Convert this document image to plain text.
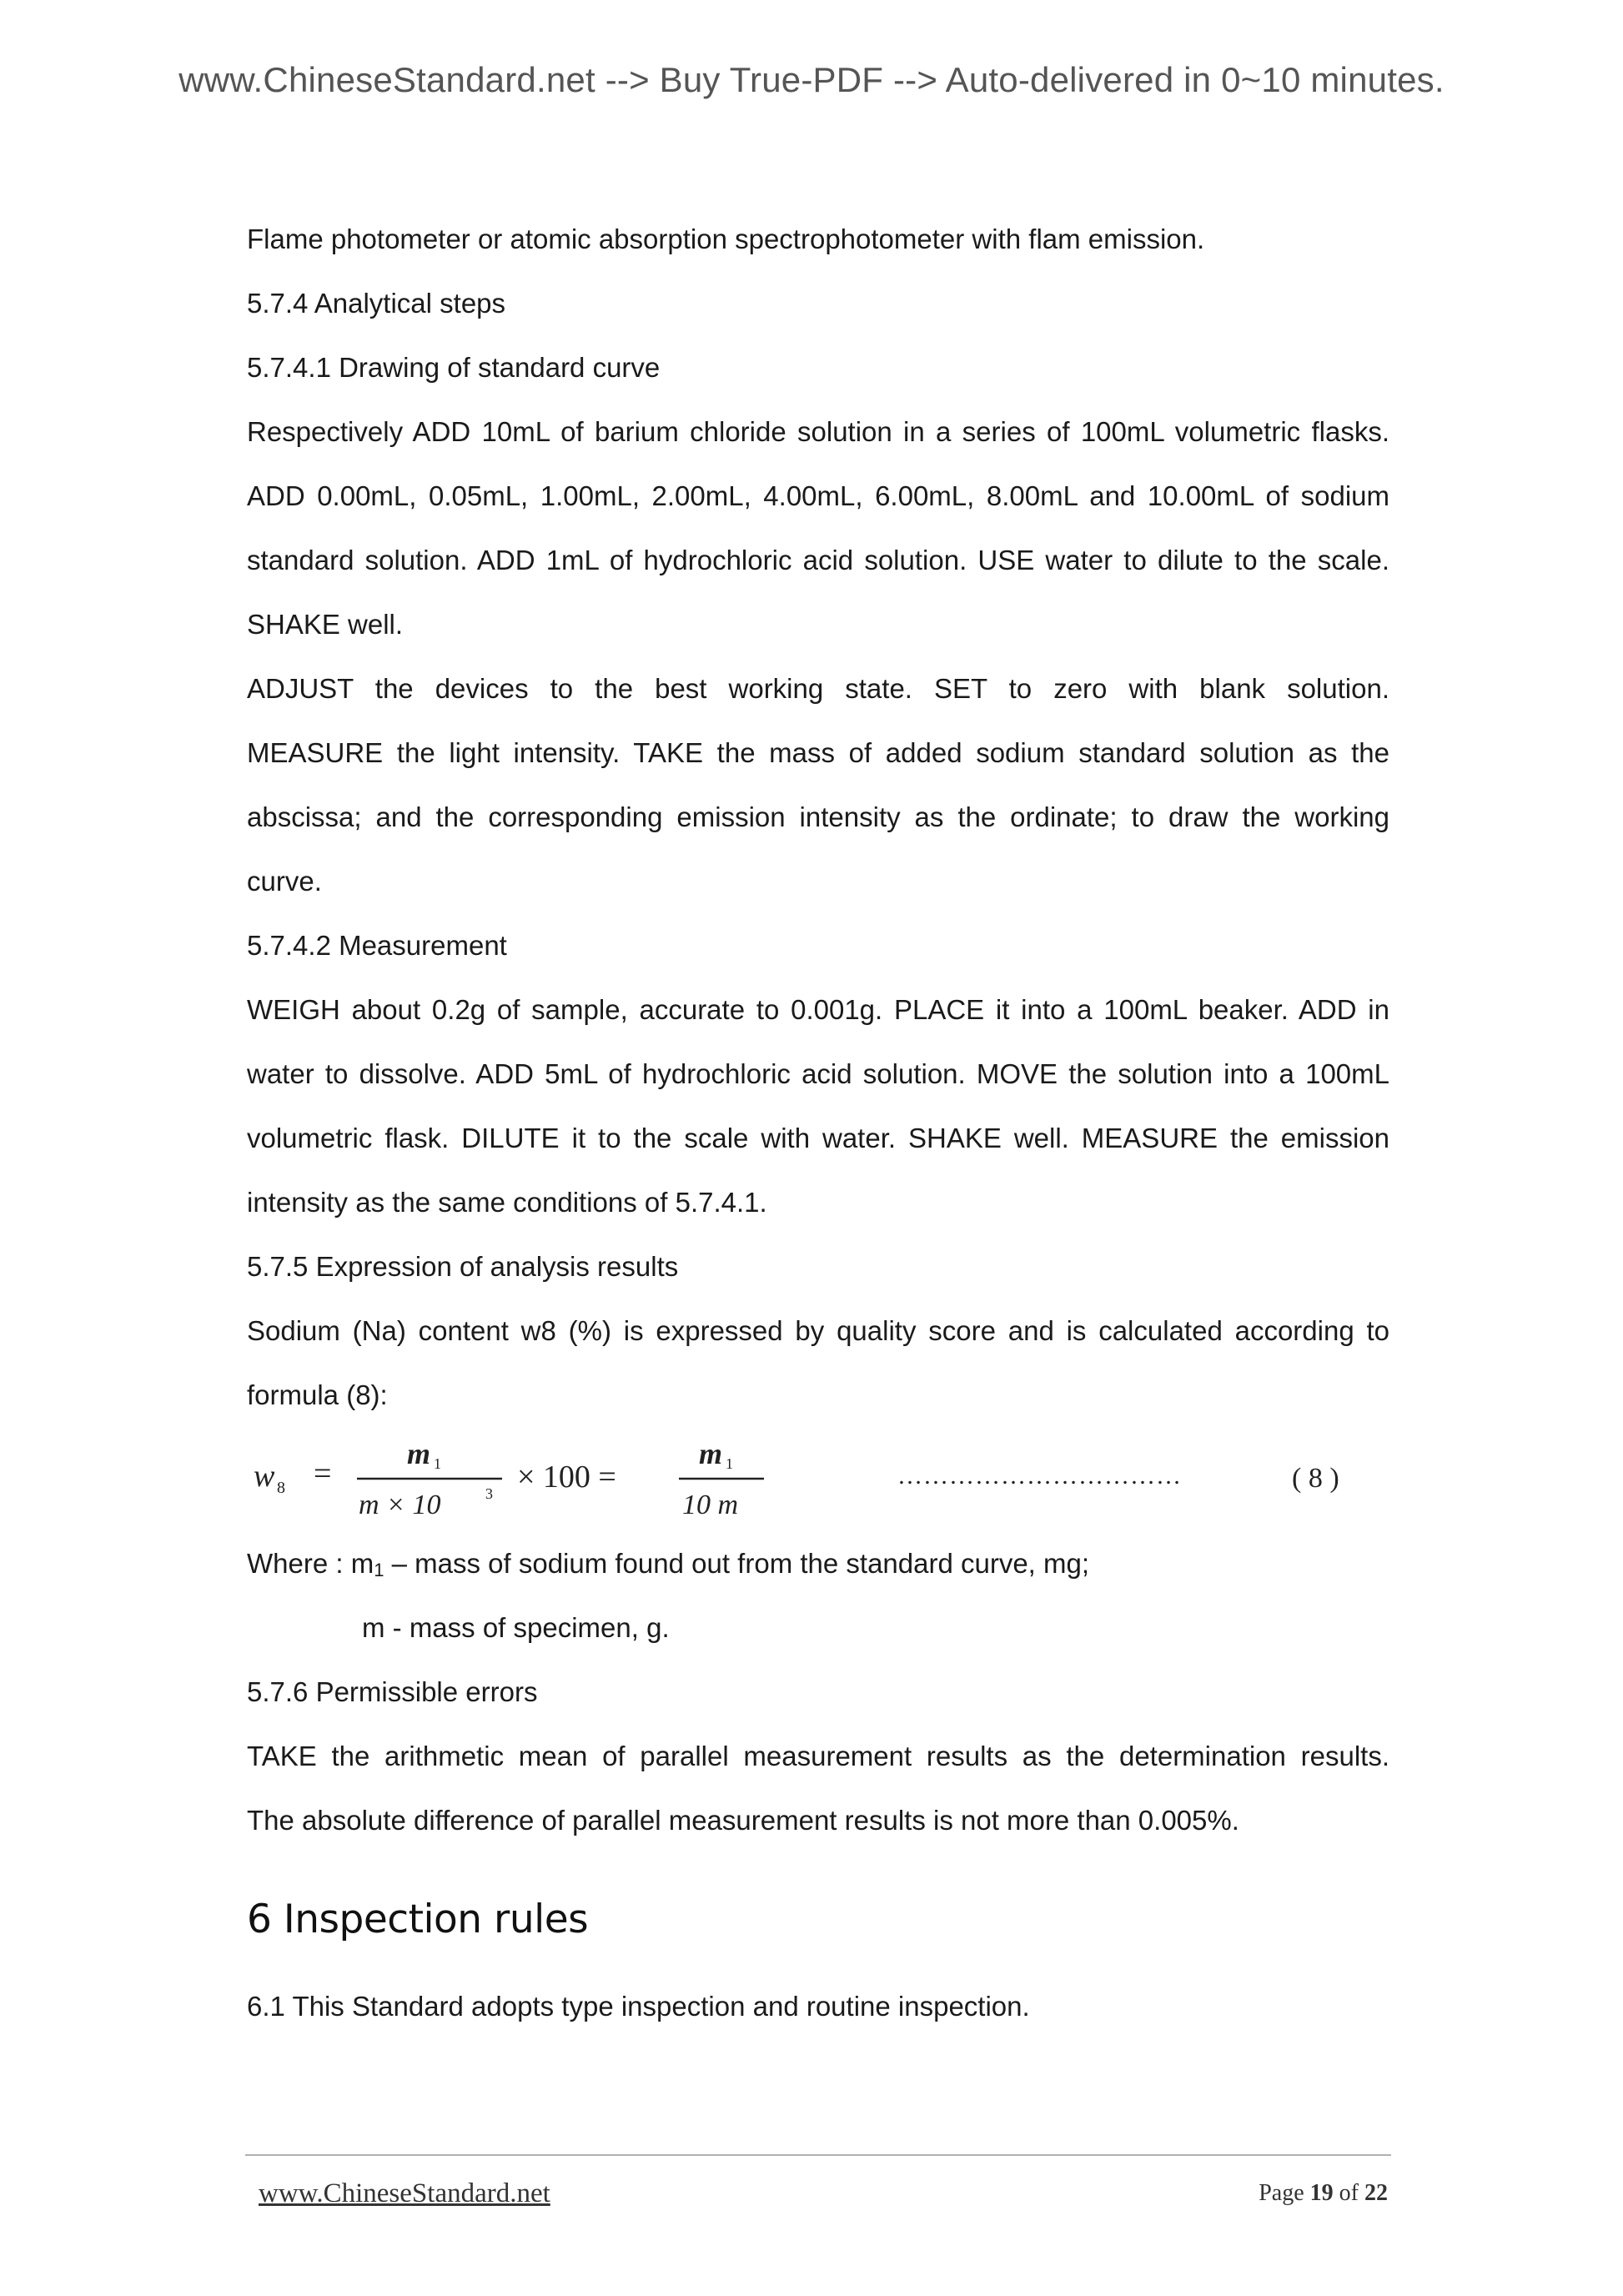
www.ChineseStandard.net --> Buy True-PDF --> Auto-delivered in 0~10 minutes.
Flame photometer or atomic absorption spectrophotometer with flam emission.
5.7.4 Analytical steps
5.7.4.1 Drawing of standard curve
Respectively ADD 10mL of barium chloride solution in a series of 100mL volumetric flasks.
ADD 0.00mL, 0.05mL, 1.00mL, 2.00mL, 4.00mL, 6.00mL, 8.00mL and 10.00mL of sodium
standard solution. ADD 1mL of hydrochloric acid solution. USE water to dilute to the scale.
SHAKE well.
ADJUST the devices to the best working state. SET to zero with blank solution.
MEASURE the light intensity. TAKE the mass of added sodium standard solution as the
abscissa; and the corresponding emission intensity as the ordinate; to draw the working
curve.
5.7.4.2 Measurement
WEIGH about 0.2g of sample, accurate to 0.001g. PLACE it into a 100mL beaker. ADD in
water to dissolve. ADD 5mL of hydrochloric acid solution. MOVE the solution into a 100mL
volumetric flask. DILUTE it to the scale with water. SHAKE well. MEASURE the emission
intensity as the same conditions of 5.7.4.1.
5.7.5 Expression of analysis results
Sodium (Na) content w8 (%) is expressed by quality score and is calculated according to
formula (8):
w 8 =
m 1
m × 10	3 × 100 =
m 1
10 m
……………………………	( 8 )
Where : $m_1$ – mass of sodium found out from the standard curve, mg;
m - mass of specimen, g.
5.7.6 Permissible errors
TAKE the arithmetic mean of parallel measurement results as the determination results.
The absolute difference of parallel measurement results is not more than 0.005%.
6 Inspection rules
6.1 This Standard adopts type inspection and routine inspection.
www.ChineseStandard.net	Page 19 of 22
